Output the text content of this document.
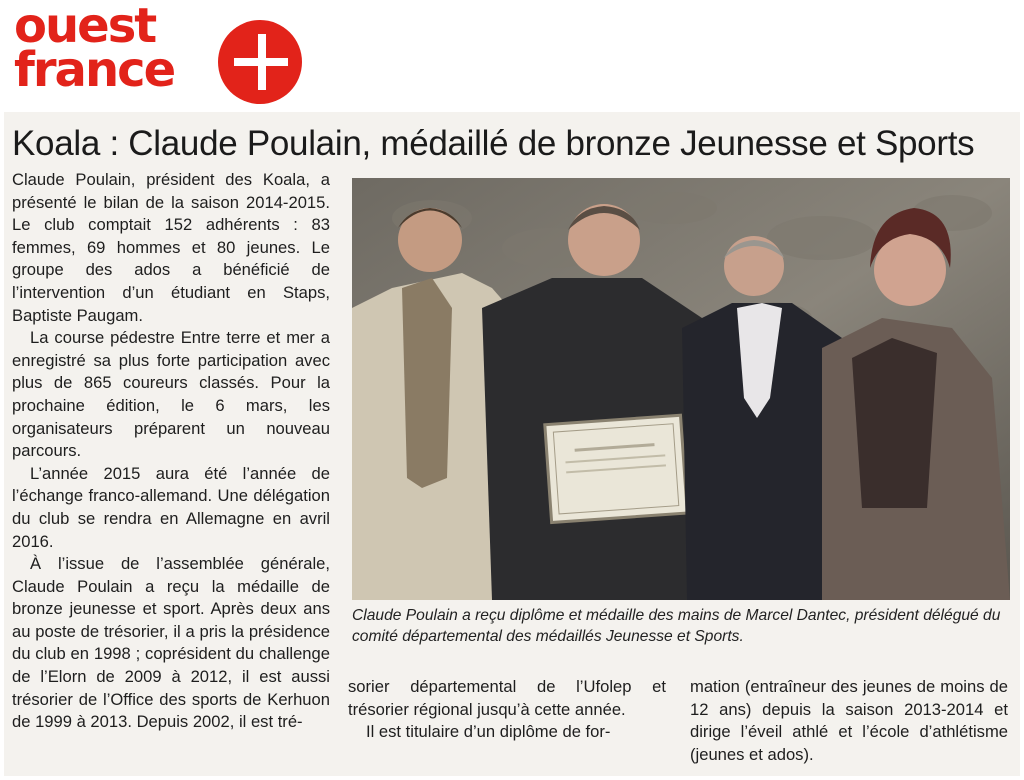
ouest
france
Koala : Claude Poulain, médaillé de bronze Jeunesse et Sports

Claude Poulain, président des Koala, a présenté le bilan de la saison 2014-2015. Le club comptait 152 adhérents : 83 femmes, 69 hommes et 80 jeunes. Le groupe des ados a bénéficié de l’intervention d’un étudiant en Staps, Baptiste Paugam.

La course pédestre Entre terre et mer a enregistré sa plus forte participation avec plus de 865 coureurs classés. Pour la prochaine édition, le 6 mars, les organisateurs préparent un nouveau parcours.

L’année 2015 aura été l’année de l’échange franco-allemand. Une délégation du club se rendra en Allemagne en avril 2016.

À l’issue de l’assemblée générale, Claude Poulain a reçu la médaille de bronze jeunesse et sport. Après deux ans au poste de trésorier, il a pris la présidence du club en 1998 ; coprésident du challenge de l’Elorn de 2009 à 2012, il est aussi trésorier de l’Office des sports de Kerhuon de 1999 à 2013. Depuis 2002, il est tré-

Claude Poulain a reçu diplôme et médaille des mains de Marcel Dantec, président délégué du comité départemental des médaillés Jeunesse et Sports.

sorier départemental de l’Ufolep et trésorier régional jusqu’à cette année.

Il est titulaire d’un diplôme de for-

mation (entraîneur des jeunes de moins de 12 ans) depuis la saison 2013-2014 et dirige l’éveil athlé et l’école d’athlétisme (jeunes et ados).
